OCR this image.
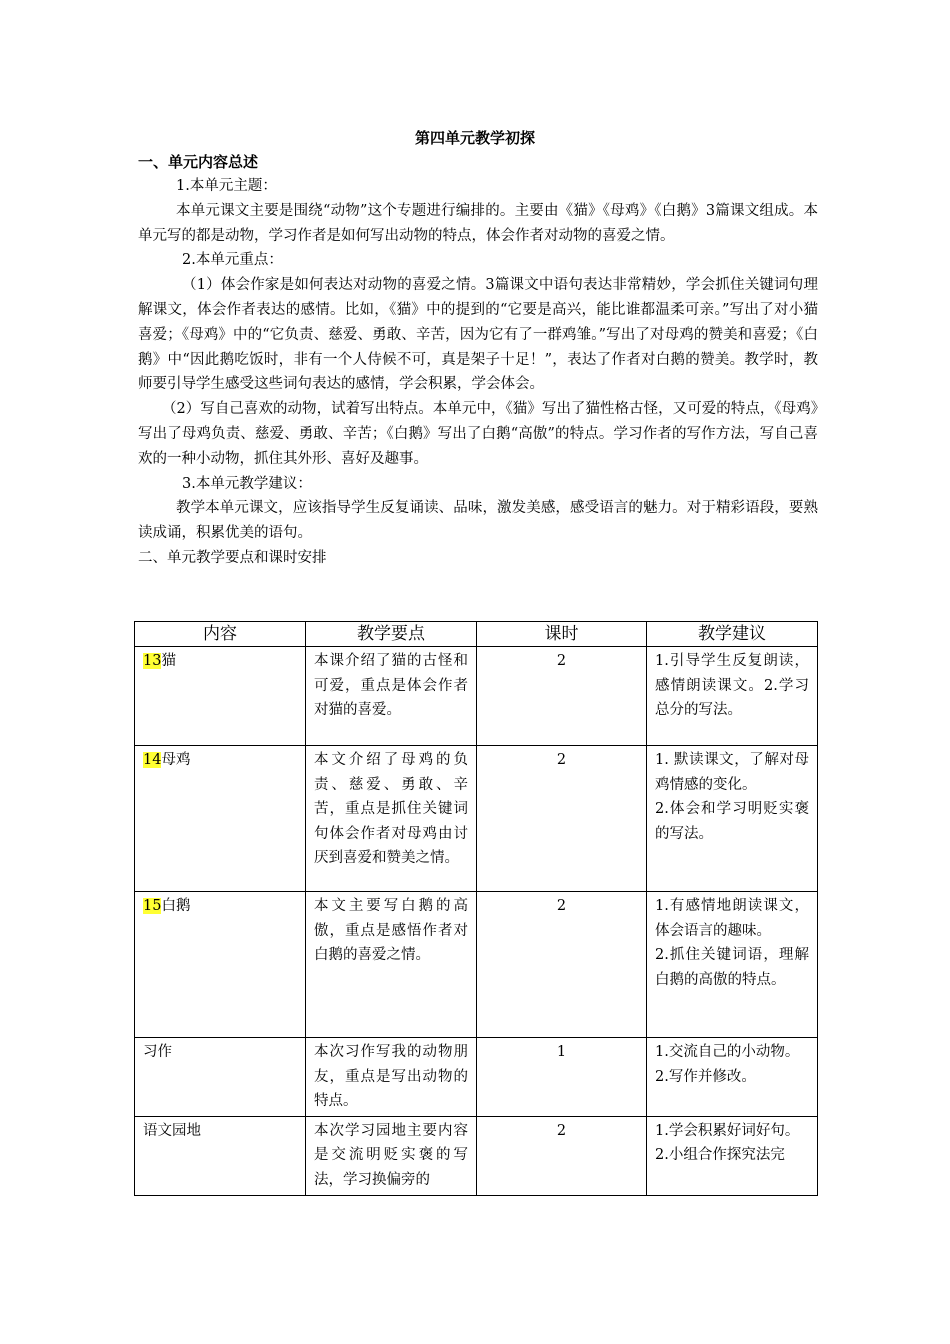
第四单元教学初探
一、单元内容总述

1.本单元主题：

本单元课文主要是围绕“动物”这个专题进行编排的。主要由《猫》《母鸡》《白鹅》3篇课文组成。本单元写的都是动物，学习作者是如何写出动物的特点，体会作者对动物的喜爱之情。

2.本单元重点：

（1）体会作家是如何表达对动物的喜爱之情。3篇课文中语句表达非常精妙，学会抓住关键词句理解课文，体会作者表达的感情。比如，《猫》中的提到的“它要是高兴，能比谁都温柔可亲。”写出了对小猫喜爱；《母鸡》中的“它负责、慈爱、勇敢、辛苦，因为它有了一群鸡雏。”写出了对母鸡的赞美和喜爱；《白鹅》中“因此鹅吃饭时，非有一个人侍候不可，真是架子十足！”，表达了作者对白鹅的赞美。教学时，教师要引导学生感受这些词句表达的感情，学会积累，学会体会。

（2）写自己喜欢的动物，试着写出特点。本单元中，《猫》写出了猫性格古怪，又可爱的特点，《母鸡》写出了母鸡负责、慈爱、勇敢、辛苦；《白鹅》写出了白鹅“高傲”的特点。学习作者的写作方法，写自己喜欢的一种小动物，抓住其外形、喜好及趣事。

3.本单元教学建议：

教学本单元课文，应该指导学生反复诵读、品味，激发美感，感受语言的魅力。对于精彩语段，要熟读成诵，积累优美的语句。

二、单元教学要点和课时安排

内容	教学要点	课时	教学建议
13猫	本课介绍了猫的古怪和可爱，重点是体会作者对猫的喜爱。	2	1.引导学生反复朗读，感情朗读课文。2.学习总分的写法。

14母鸡	本文介绍了母鸡的负责、慈爱、勇敢、辛苦，重点是抓住关键词句体会作者对母鸡由讨厌到喜爱和赞美之情。	2	1. 默读课文，了解对母鸡情感的变化。
2.体会和学习明贬实褒的写法。

15白鹅	本文主要写白鹅的高傲，重点是感悟作者对白鹅的喜爱之情。	2	1.有感情地朗读课文，体会语言的趣味。
2.抓住关键词语，理解白鹅的高傲的特点。

习作	本次习作写我的动物朋友，重点是写出动物的特点。	1	1.交流自己的小动物。
2.写作并修改。

语文园地	本次学习园地主要内容是交流明贬实褒的写法，学习换偏旁的	2	1.学会积累好词好句。
2.小组合作探究法完
